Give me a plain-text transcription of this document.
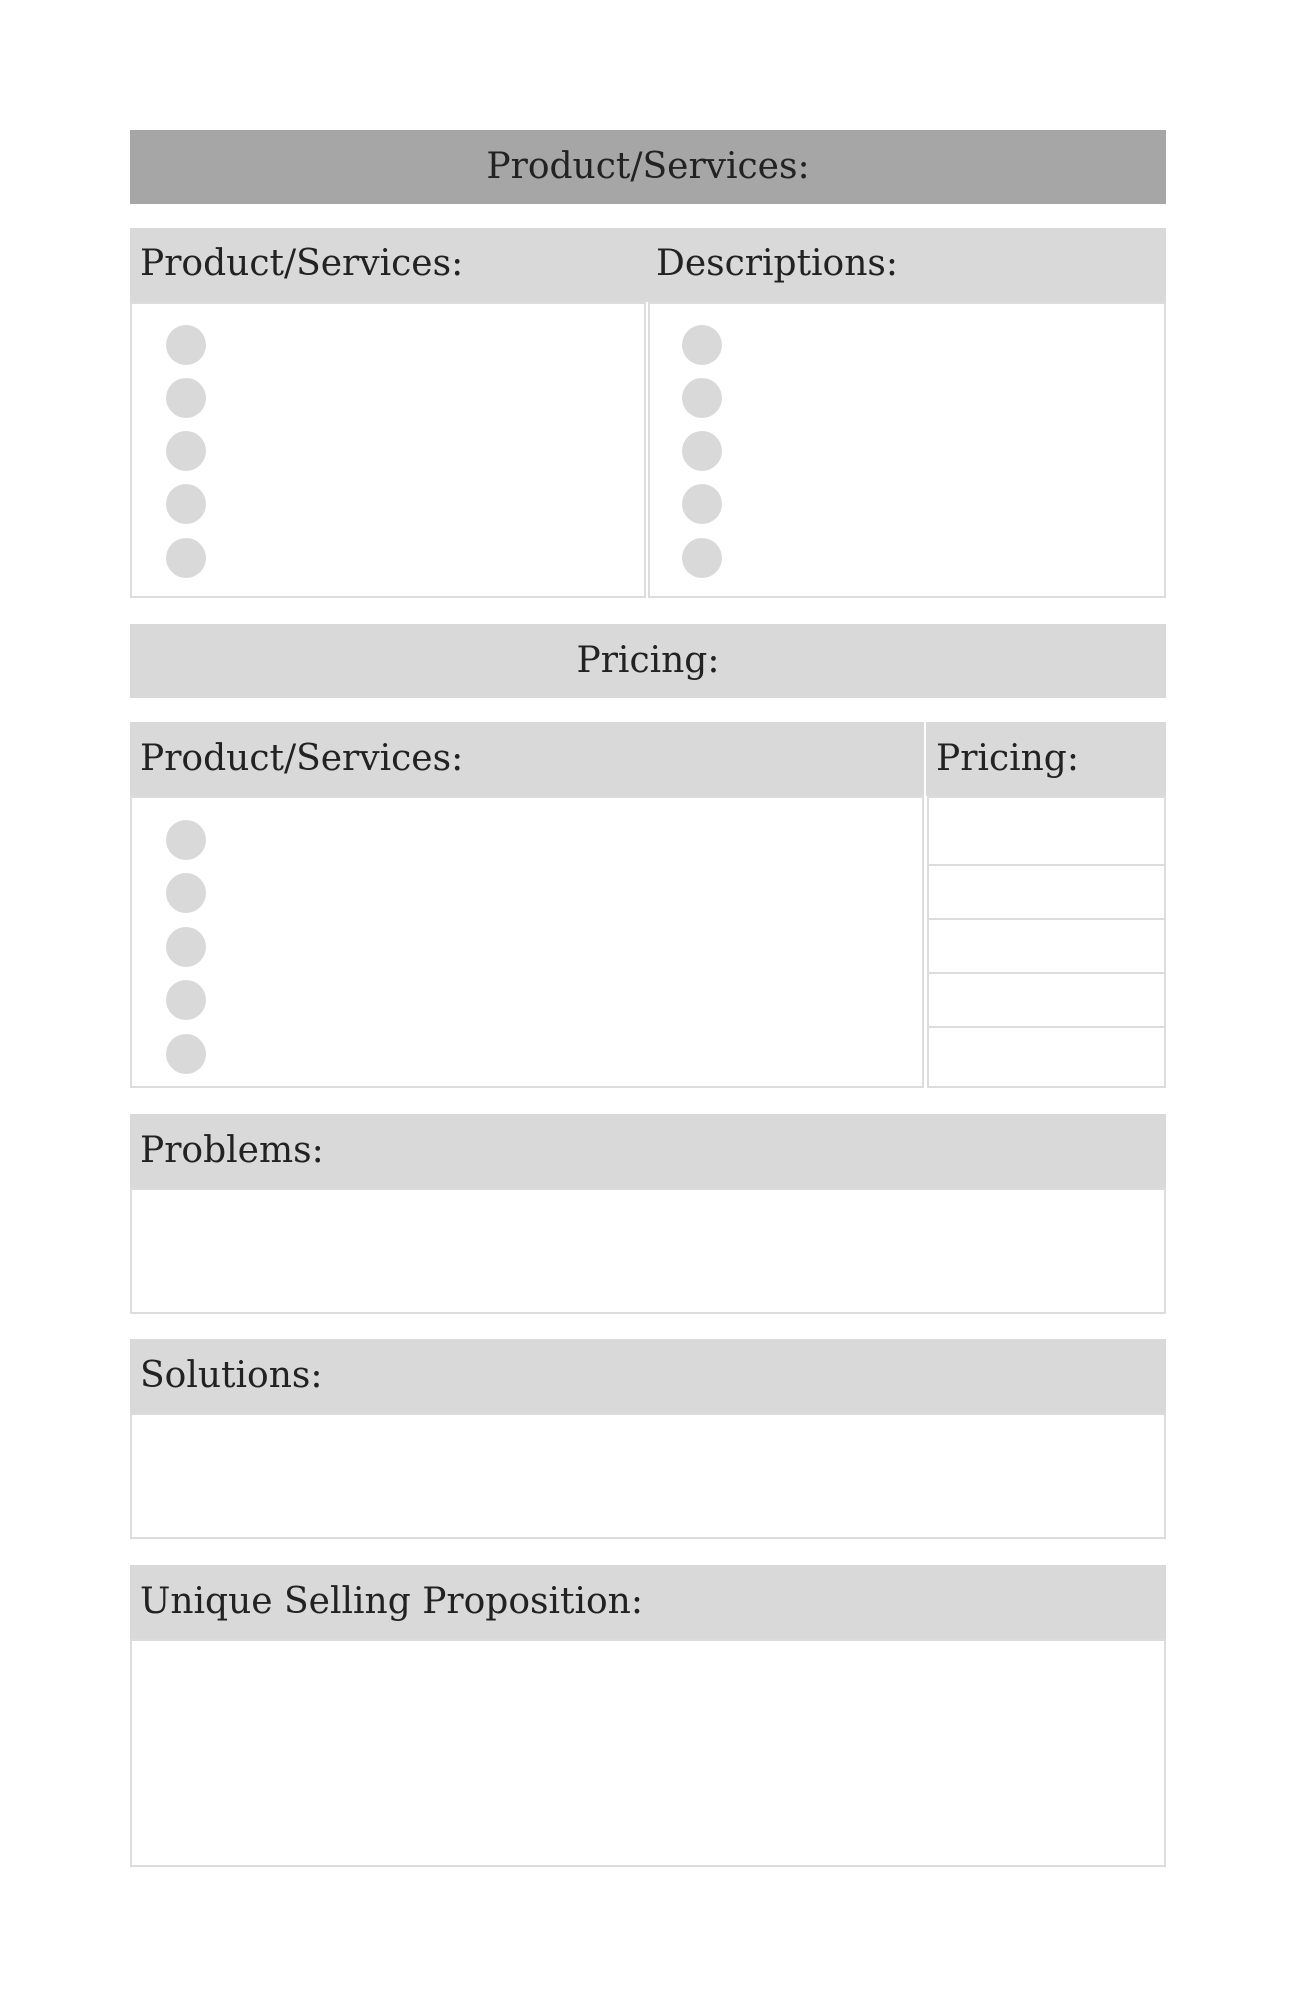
Product/Services:
Product/Services:	Descriptions:
Pricing:
Product/Services:	Pricing:
Problems:
Solutions:
Unique Selling Proposition:
